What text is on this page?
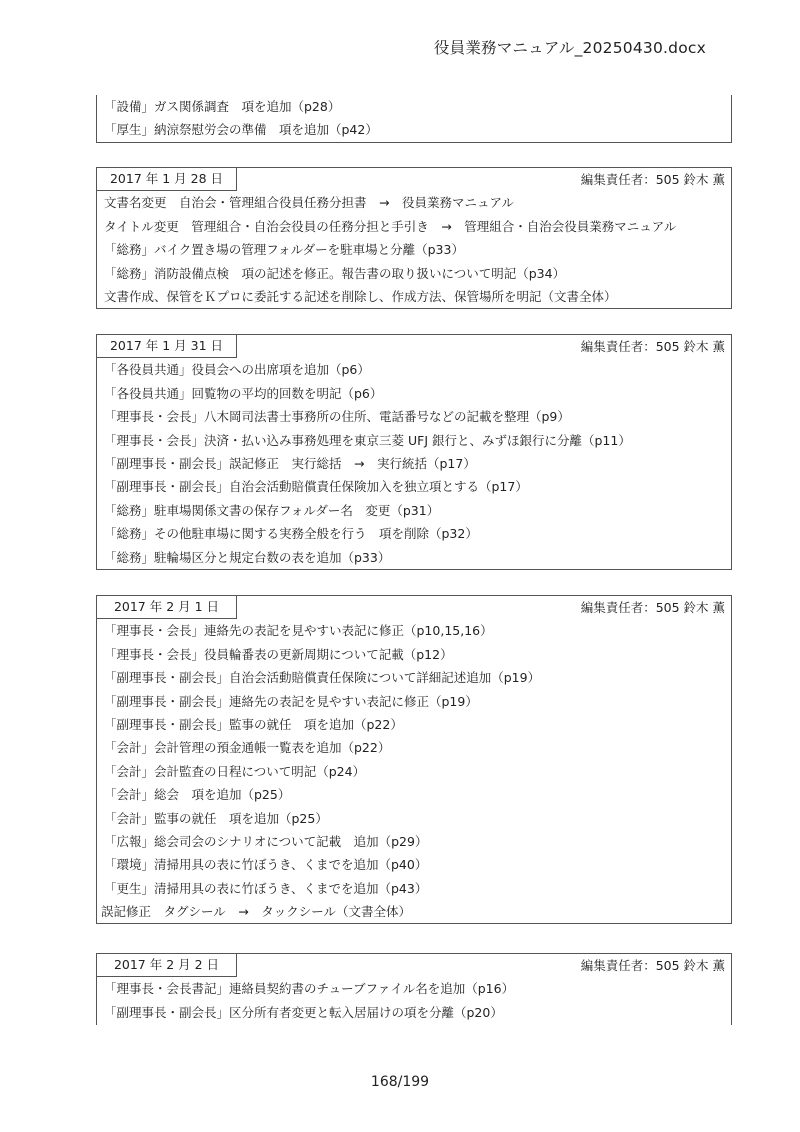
役員業務マニュアル_20250430.docx
「設備」ガス関係調査　項を追加（p28）
「厚生」納涼祭慰労会の準備　項を追加（p42）
2017 年 1 月 28 日	編集責任者：505 鈴木 薫
文書名変更　自治会・管理組合役員任務分担書　→　役員業務マニュアル
タイトル変更　管理組合・自治会役員の任務分担と手引き　→　管理組合・自治会役員業務マニュアル
「総務」バイク置き場の管理フォルダーを駐車場と分離（p33）
「総務」消防設備点検　項の記述を修正。報告書の取り扱いについて明記（p34）
文書作成、保管をＫプロに委託する記述を削除し、作成方法、保管場所を明記（文書全体）
2017 年 1 月 31 日	編集責任者：505 鈴木 薫
「各役員共通」役員会への出席項を追加（p6）
「各役員共通」回覧物の平均的回数を明記（p6）
「理事長・会長」八木岡司法書士事務所の住所、電話番号などの記載を整理（p9）
「理事長・会長」決済・払い込み事務処理を東京三菱 UFJ 銀行と、みずほ銀行に分離（p11）
「副理事長・副会長」誤記修正　実行総括　→　実行統括（p17）
「副理事長・副会長」自治会活動賠償責任保険加入を独立項とする（p17）
「総務」駐車場関係文書の保存フォルダー名　変更（p31）
「総務」その他駐車場に関する実務全般を行う　項を削除（p32）
「総務」駐輪場区分と規定台数の表を追加（p33）
2017 年 2 月 1 日	編集責任者：505 鈴木 薫
「理事長・会長」連絡先の表記を見やすい表記に修正（p10,15,16）
「理事長・会長」役員輪番表の更新周期について記載（p12）
「副理事長・副会長」自治会活動賠償責任保険について詳細記述追加（p19）
「副理事長・副会長」連絡先の表記を見やすい表記に修正（p19）
「副理事長・副会長」監事の就任　項を追加（p22）
「会計」会計管理の預金通帳一覧表を追加（p22）
「会計」会計監査の日程について明記（p24）
「会計」総会　項を追加（p25）
「会計」監事の就任　項を追加（p25）
「広報」総会司会のシナリオについて記載　追加（p29）
「環境」清掃用具の表に竹ぼうき、くまでを追加（p40）
「更生」清掃用具の表に竹ぼうき、くまでを追加（p43）
誤記修正　タグシール　→　タックシール（文書全体）
2017 年 2 月 2 日	編集責任者：505 鈴木 薫
「理事長・会長書記」連絡員契約書のチューブファイル名を追加（p16）
「副理事長・副会長」区分所有者変更と転入居届けの項を分離（p20）
168/199
